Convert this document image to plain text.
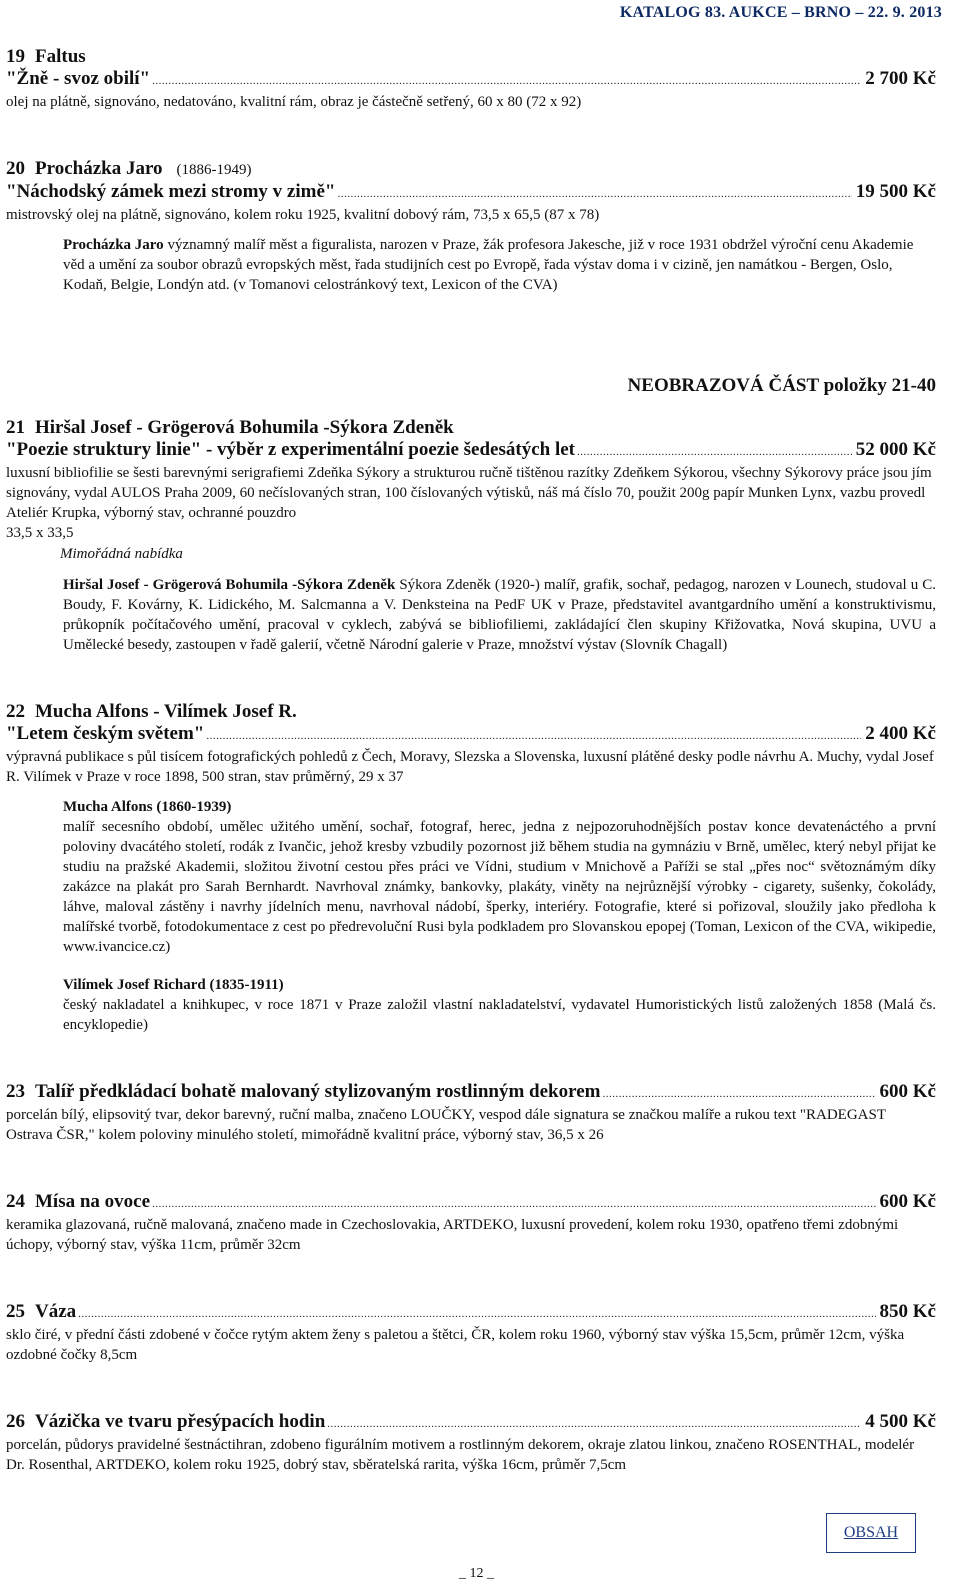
KATALOG 83. AUKCE – BRNO – 22. 9. 2013
19 Faltus
"Žně - svoz obilí" .....	2 700 Kč
olej na plátně, signováno, nedatováno, kvalitní rám, obraz je částečně setřený, 60 x 80 (72 x 92)
20 Procházka Jaro (1886-1949)
"Náchodský zámek mezi stromy v zimě" .....	19 500 Kč
mistrovský olej na plátně, signováno, kolem roku 1925, kvalitní dobový rám, 73,5 x 65,5 (87 x 78)
Procházka Jaro významný malíř měst a figuralista, narozen v Praze, žák profesora Jakesche, již v roce 1931 obdržel výroční cenu Akademie věd a umění za soubor obrazů evropských měst, řada studijních cest po Evropě, řada výstav doma i v cizině, jen namátkou - Bergen, Oslo, Kodaň, Belgie, Londýn atd. (v Tomanovi celostránkový text, Lexicon of the CVA)
NEOBRAZOVÁ ČÁST položky 21-40
21 Hiršal Josef - Grögerová Bohumila -Sýkora Zdeněk
"Poezie struktury linie" - výběr z experimentální poezie šedesátých let .....	52 000 Kč
luxusní bibliofilie se šesti barevnými serigrafiemi Zdeňka Sýkory a strukturou ručně tištěnou razítky Zdeňkem Sýkorou, všechny Sýkorovy práce jsou jím signovány, vydal AULOS Praha 2009, 60 nečíslovaných stran, 100 číslovaných výtisků, náš má číslo 70, použit 200g papír Munken Lynx, vazbu provedl Ateliér Krupka, výborný stav, ochranné pouzdro
33,5 x 33,5
Mimořádná nabídka
Hiršal Josef - Grögerová Bohumila -Sýkora Zdeněk Sýkora Zdeněk (1920-) malíř, grafik, sochař, pedagog, narozen v Lounech, studoval u C. Boudy, F. Kovárny, K. Lidického, M. Salcmanna a V. Denksteina na PedF UK v Praze, představitel avantgardního umění a konstruktivismu, průkopník počítačového umění, pracoval v cyklech, zabývá se bibliofiliemi, zakládající člen skupiny Křižovatka, Nová skupina, UVU a Umělecké besedy, zastoupen v řadě galerií, včetně Národní galerie v Praze, množství výstav (Slovník Chagall)
22 Mucha Alfons - Vilímek Josef R.
"Letem českým světem" .....	2 400 Kč
výpravná publikace s půl tisícem fotografických pohledů z Čech, Moravy, Slezska a Slovenska, luxusní plátěné desky podle návrhu A. Muchy, vydal Josef R. Vilímek v Praze v roce 1898, 500 stran, stav průměrný, 29 x 37
Mucha Alfons (1860-1939)
malíř secesního období, umělec užitého umění, sochař, fotograf, herec, jedna z nejpozoruhodnějších postav konce devatenáctého a první poloviny dvacátého století, rodák z Ivančic, jehož kresby vzbudily pozornost již během studia na gymnáziu v Brně, umělec, který nebyl přijat ke studiu na pražské Akademii, složitou životní cestou přes práci ve Vídni, studium v Mnichově a Paříži se stal „přes noc“ světoznámým díky zakázce na plakát pro Sarah Bernhardt. Navrhoval známky, bankovky, plakáty, viněty na nejrůznější výrobky - cigarety, sušenky, čokolády, láhve, maloval zástěny i navrhy jídelních menu, navrhoval nádobí, šperky, interiéry. Fotografie, které si pořizoval, sloužily jako předloha k malířské tvorbě, fotodokumentace z cest po předrevoluční Rusi byla podkladem pro Slovanskou epopej (Toman, Lexicon of the CVA, wikipedie, www.ivancice.cz)
Vilímek Josef Richard (1835-1911)
český nakladatel a knihkupec, v roce 1871 v Praze založil vlastní nakladatelství, vydavatel Humoristických listů založených 1858 (Malá čs. encyklopedie)
23 Talíř předkládací bohatě malovaný stylizovaným rostlinným dekorem .....	600 Kč
porcelán bílý, elipsovitý tvar, dekor barevný, ruční malba, značeno LOUČKY, vespod dále signatura se značkou malíře a rukou text "RADEGAST Ostrava ČSR," kolem poloviny minulého století, mimořádně kvalitní práce, výborný stav, 36,5 x 26
24 Mísa na ovoce .....	600 Kč
keramika glazovaná, ručně malovaná, značeno made in Czechoslovakia, ARTDEKO, luxusní provedení, kolem roku 1930, opatřeno třemi zdobnými úchopy, výborný stav, výška 11cm, průměr 32cm
25 Váza .....	850 Kč
sklo čiré, v přední části zdobené v čočce rytým aktem ženy s paletou a štětci, ČR, kolem roku 1960, výborný stav výška 15,5cm, průměr 12cm, výška ozdobné čočky 8,5cm
26 Vázička ve tvaru přesýpacích hodin .....	4 500 Kč
porcelán, půdorys pravidelné šestnáctihran, zdobeno figurálním motivem a rostlinným dekorem, okraje zlatou linkou, značeno ROSENTHAL, modelér Dr. Rosenthal, ARTDEKO, kolem roku 1925, dobrý stav, sběratelská rarita, výška 16cm, průměr 7,5cm
OBSAH
_ 12 _
